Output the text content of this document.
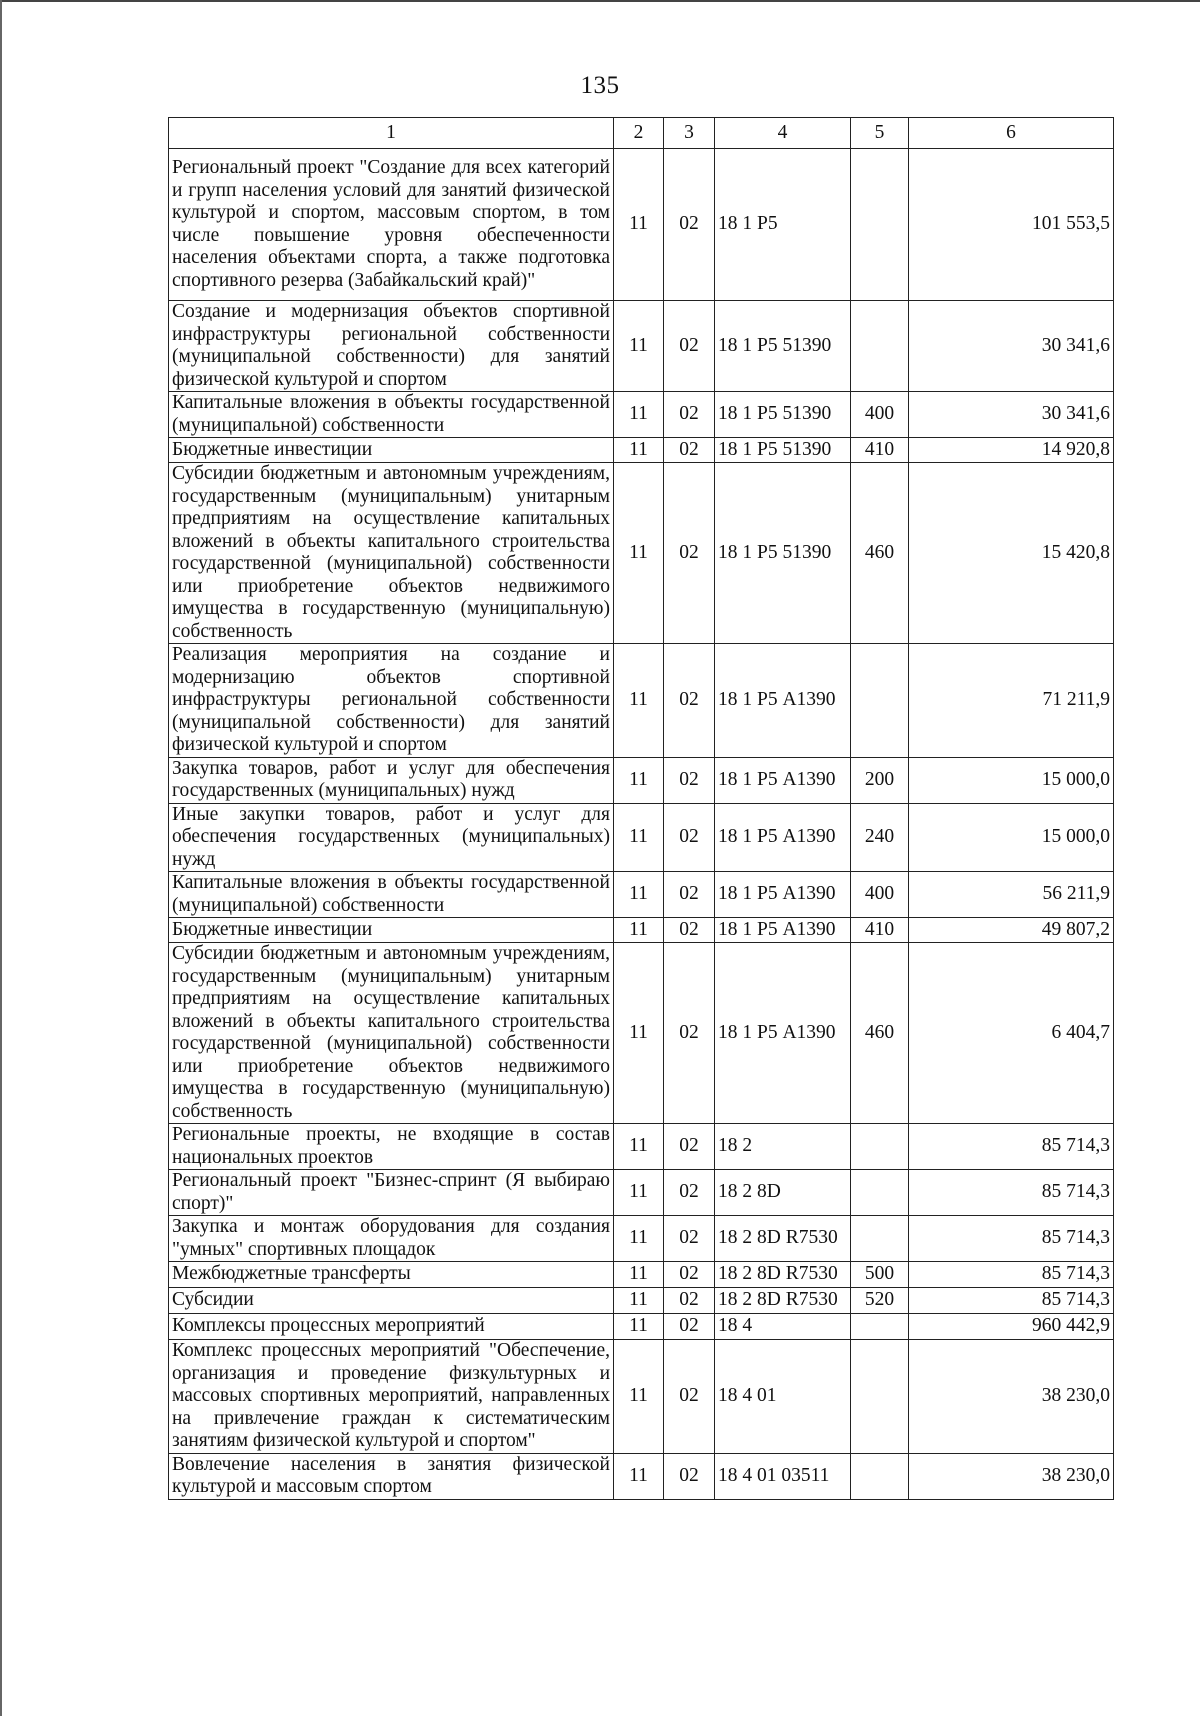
135
1	2	3	4	5	6
Региональный проект "Создание для всех категорий и групп населения условий для занятий физической культурой и спортом, массовым спортом, в том числе повышение уровня обеспеченности населения объектами спорта, а также подготовка спортивного резерва (Забайкальский край)"	11	02	18 1 Р5		101 553,5
Создание и модернизация объектов спортивной инфраструктуры региональной собственности (муниципальной собственности) для занятий физической культурой и спортом	11	02	18 1 Р5 51390		30 341,6
Капитальные вложения в объекты государственной (муниципальной) собственности	11	02	18 1 Р5 51390	400	30 341,6
Бюджетные инвестиции	11	02	18 1 Р5 51390	410	14 920,8
Субсидии бюджетным и автономным учреждениям, государственным (муниципальным) унитарным предприятиям на осуществление капитальных вложений в объекты капитального строительства государственной (муниципальной) собственности или приобретение объектов недвижимого имущества в государственную (муниципальную) собственность	11	02	18 1 Р5 51390	460	15 420,8
Реализация мероприятия на создание и модернизацию объектов спортивной инфраструктуры региональной собственности (муниципальной собственности) для занятий физической культурой и спортом	11	02	18 1 Р5 А1390		71 211,9
Закупка товаров, работ и услуг для обеспечения государственных (муниципальных) нужд	11	02	18 1 Р5 А1390	200	15 000,0
Иные закупки товаров, работ и услуг для обеспечения государственных (муниципальных) нужд	11	02	18 1 Р5 А1390	240	15 000,0
Капитальные вложения в объекты государственной (муниципальной) собственности	11	02	18 1 Р5 А1390	400	56 211,9
Бюджетные инвестиции	11	02	18 1 Р5 А1390	410	49 807,2
Субсидии бюджетным и автономным учреждениям, государственным (муниципальным) унитарным предприятиям на осуществление капитальных вложений в объекты капитального строительства государственной (муниципальной) собственности или приобретение объектов недвижимого имущества в государственную (муниципальную) собственность	11	02	18 1 Р5 А1390	460	6 404,7
Региональные проекты, не входящие в состав национальных проектов	11	02	18 2		85 714,3
Региональный проект "Бизнес-спринт (Я выбираю спорт)"	11	02	18 2 8D		85 714,3
Закупка и монтаж оборудования для создания "умных" спортивных площадок	11	02	18 2 8D R7530		85 714,3
Межбюджетные трансферты	11	02	18 2 8D R7530	500	85 714,3
Субсидии	11	02	18 2 8D R7530	520	85 714,3
Комплексы процессных мероприятий	11	02	18 4		960 442,9
Комплекс процессных мероприятий "Обеспечение, организация и проведение физкультурных и массовых спортивных мероприятий, направленных на привлечение граждан к систематическим занятиям физической культурой и спортом"	11	02	18 4 01		38 230,0
Вовлечение населения в занятия физической культурой и массовым спортом	11	02	18 4 01 03511		38 230,0
